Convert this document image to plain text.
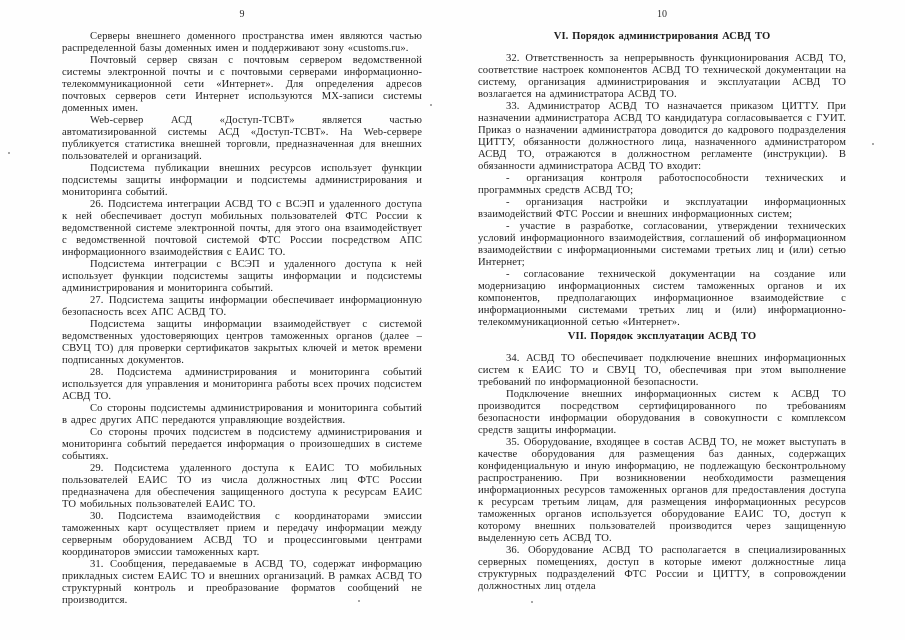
9

Серверы внешнего доменного пространства имен являются частью распределенной базы доменных имен и поддерживают зону «customs.ru».

Почтовый сервер связан с почтовым сервером ведомственной системы электронной почты и с почтовыми серверами информационно-телекоммуникационной сети «Интернет». Для определения адресов почтовых серверов сети Интернет используются MX-записи системы доменных имен.

Web-сервер АСД «Доступ-ТСВТ» является частью автоматизированной системы АСД «Доступ-ТСВТ». На Web-сервере публикуется статистика внешней торговли, предназначенная для внешних пользователей и организаций.

Подсистема публикации внешних ресурсов использует функции подсистемы защиты информации и подсистемы администрирования и мониторинга событий.

26. Подсистема интеграции АСВД ТО с ВСЭП и удаленного доступа к ней обеспечивает доступ мобильных пользователей ФТС России к ведомственной системе электронной почты, для этого она взаимодействует с ведомственной почтовой системой ФТС России посредством АПС информационного взаимодействия с ЕАИС ТО.

Подсистема интеграции с ВСЭП и удаленного доступа к ней использует функции подсистемы защиты информации и подсистемы администрирования и мониторинга событий.

27. Подсистема защиты информации обеспечивает информационную безопасность всех АПС АСВД ТО.

Подсистема защиты информации взаимодействует с системой ведомственных удостоверяющих центров таможенных органов (далее – СВУЦ ТО) для проверки сертификатов закрытых ключей и меток времени подписанных документов.

28. Подсистема администрирования и мониторинга событий используется для управления и мониторинга работы всех прочих подсистем АСВД ТО.

Со стороны подсистемы администрирования и мониторинга событий в адрес других АПС передаются управляющие воздействия.

Со стороны прочих подсистем в подсистему администрирования и мониторинга событий передается информация о произошедших в системе событиях.

29. Подсистема удаленного доступа к ЕАИС ТО мобильных пользователей ЕАИС ТО из числа должностных лиц ФТС России предназначена для обеспечения защищенного доступа к ресурсам ЕАИС ТО мобильных пользователей ЕАИС ТО.

30. Подсистема взаимодействия с координаторами эмиссии таможенных карт осуществляет прием и передачу информации между серверным оборудованием АСВД ТО и процессинговыми центрами координаторов эмиссии таможенных карт.

31. Сообщения, передаваемые в АСВД ТО, содержат информацию прикладных систем ЕАИС ТО и внешних организаций. В рамках АСВД ТО структурный контроль и преобразование форматов сообщений не производится.

10

VI. Порядок администрирования АСВД ТО

32. Ответственность за непрерывность функционирования АСВД ТО, соответствие настроек компонентов АСВД ТО технической документации на систему, организация администрирования и эксплуатации АСВД ТО возлагается на администратора АСВД ТО.

33. Администратор АСВД ТО назначается приказом ЦИТТУ. При назначении администратора АСВД ТО кандидатура согласовывается с ГУИТ. Приказ о назначении администратора доводится до кадрового подразделения ЦИТТУ, обязанности должностного лица, назначенного администратором АСВД ТО, отражаются в должностном регламенте (инструкции). В обязанности администратора АСВД ТО входит:

- организация контроля работоспособности технических и программных средств АСВД ТО;

- организация настройки и эксплуатации информационных взаимодействий ФТС России и внешних информационных систем;

- участие в разработке, согласовании, утверждении технических условий информационного взаимодействия, соглашений об информационном взаимодействии с информационными системами третьих лиц и (или) сетью Интернет;

- согласование технической документации на создание или модернизацию информационных систем таможенных органов и их компонентов, предполагающих информационное взаимодействие с информационными системами третьих лиц и (или) информационно-телекоммуникационной сетью «Интернет».

VII. Порядок эксплуатации АСВД ТО

34. АСВД ТО обеспечивает подключение внешних информационных систем к ЕАИС ТО и СВУЦ ТО, обеспечивая при этом выполнение требований по информационной безопасности.

Подключение внешних информационных систем к АСВД ТО производится посредством сертифицированного по требованиям безопасности информации оборудования в совокупности с комплексом средств защиты информации.

35. Оборудование, входящее в состав АСВД ТО, не может выступать в качестве оборудования для размещения баз данных, содержащих конфиденциальную и иную информацию, не подлежащую бесконтрольному распространению. При возникновении необходимости размещения информационных ресурсов таможенных органов для предоставления доступа к ресурсам третьим лицам, для размещения информационных ресурсов таможенных органов используется оборудование ЕАИС ТО, доступ к которому внешних пользователей производится через защищенную выделенную сеть АСВД ТО.

36. Оборудование АСВД ТО располагается в специализированных серверных помещениях, доступ в которые имеют должностные лица структурных подразделений ФТС России и ЦИТТУ, в сопровождении должностных лиц отдела
